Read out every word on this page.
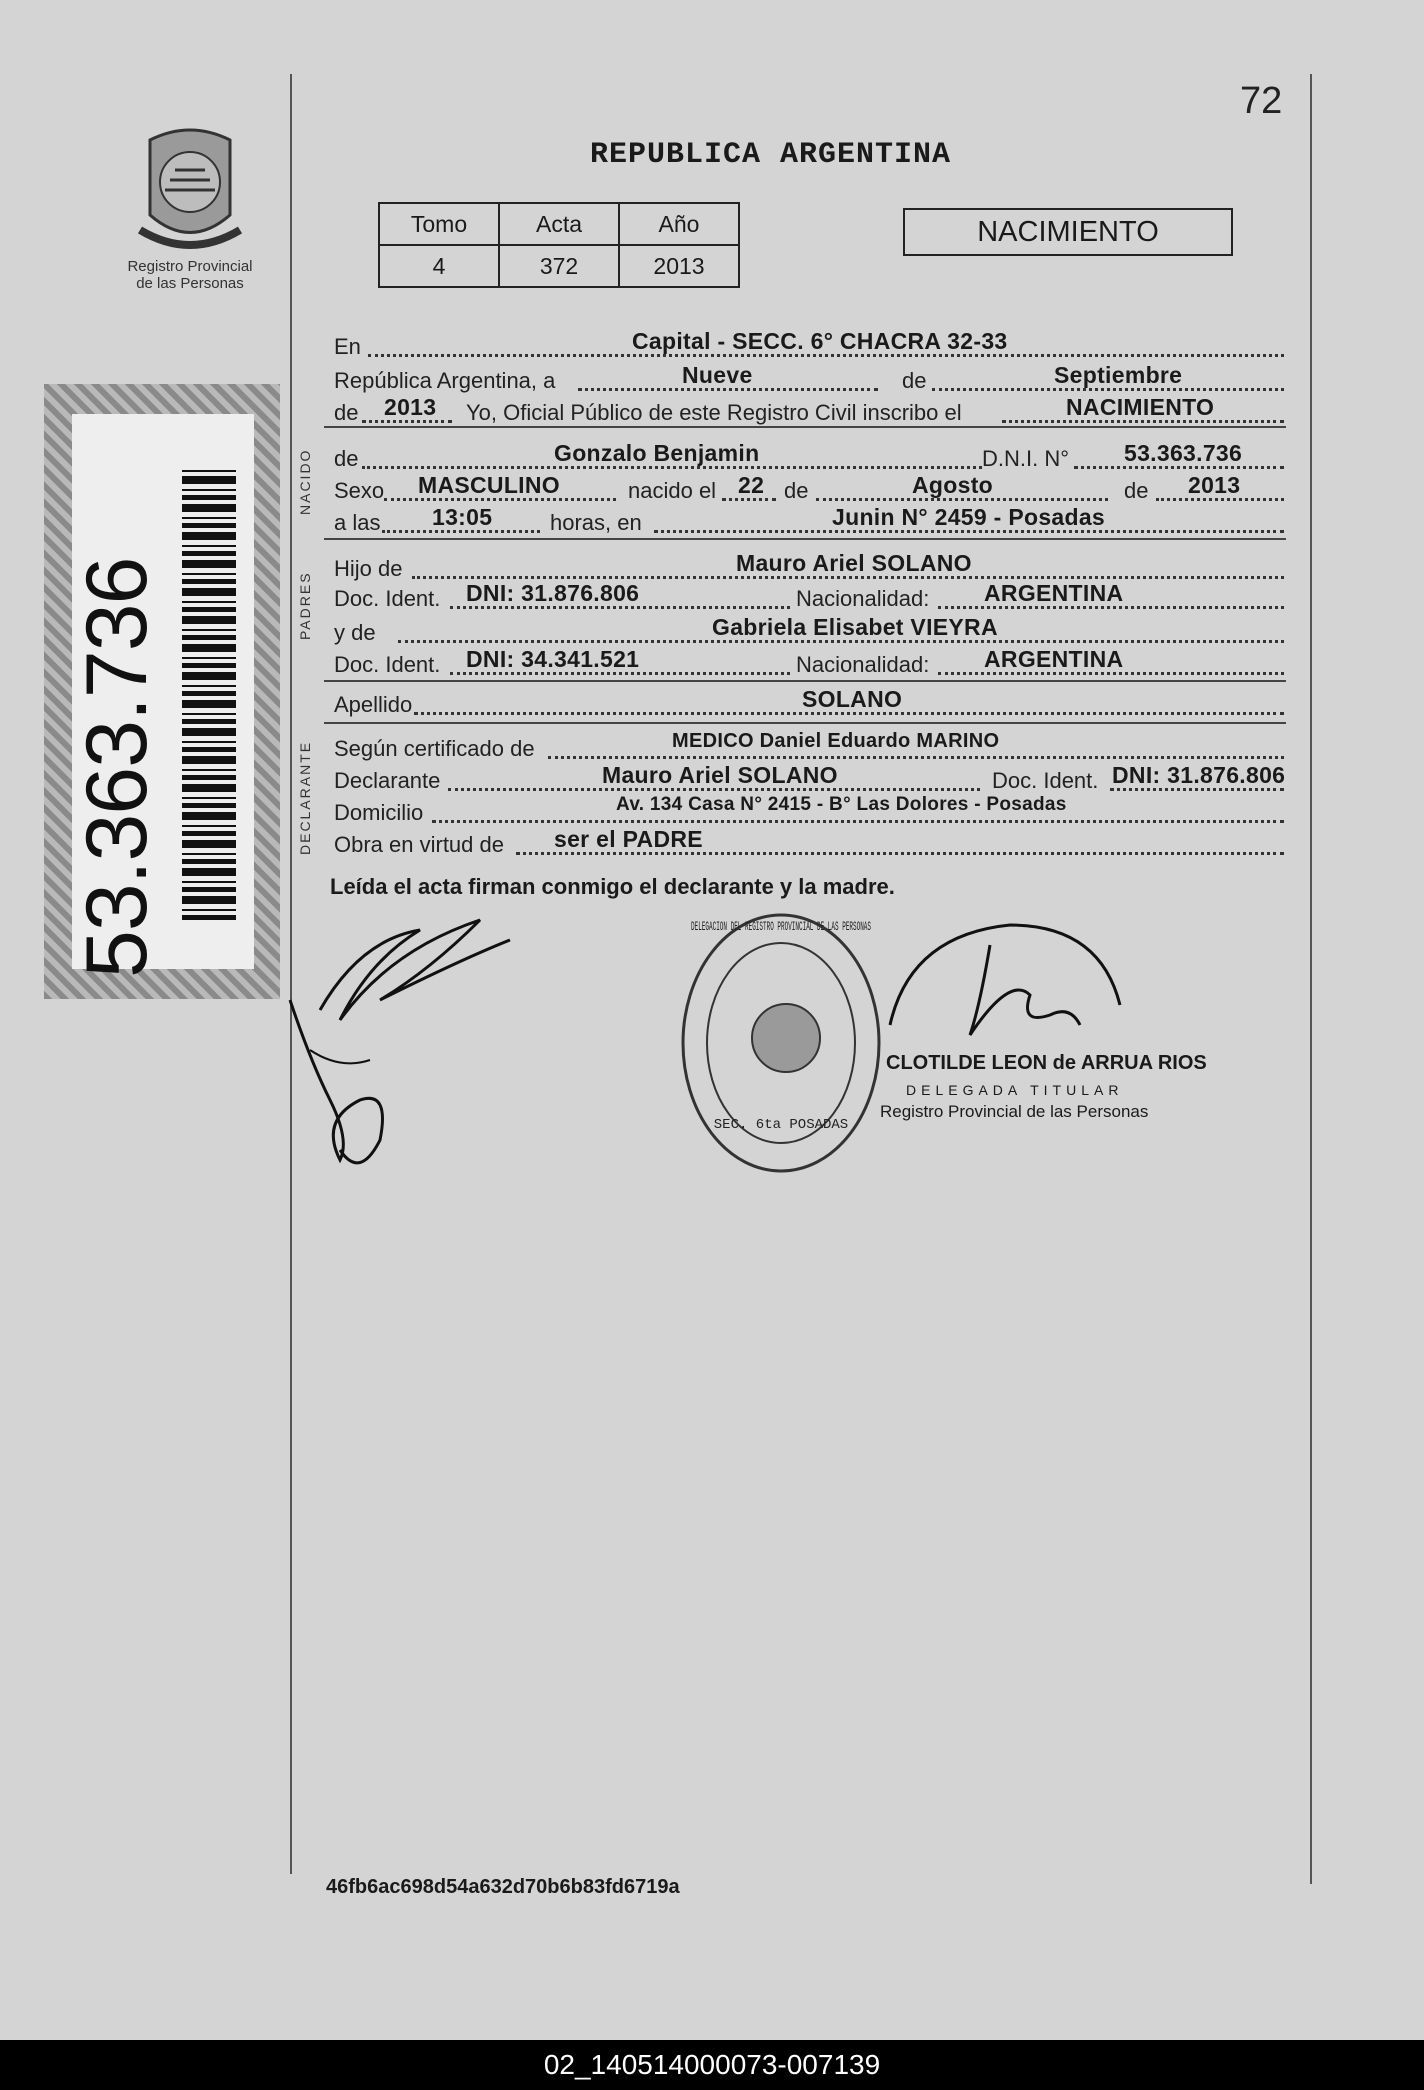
72
REPUBLICA ARGENTINA
Registro Provincial
de las Personas
Tomo	Acta	Año
4	372	2013
NACIMIENTO
53.363.736
NACIDO
PADRES
DECLARANTE
En	Capital - SECC. 6° CHACRA 32-33
República Argentina, a	Nueve	de	Septiembre
de 2013 Yo, Oficial Público de este Registro Civil inscribo el	NACIMIENTO
de	Gonzalo Benjamin	D.N.I. N° 53.363.736
Sexo MASCULINO	nacido el 22 de	Agosto	de 2013
a las 13:05	horas, en	Junin N° 2459 - Posadas
Hijo de	Mauro Ariel SOLANO
Doc. Ident. DNI: 31.876.806	Nacionalidad: ARGENTINA
y de	Gabriela Elisabet VIEYRA
Doc. Ident. DNI: 34.341.521	Nacionalidad: ARGENTINA
Apellido	SOLANO
Según certificado de	MEDICO Daniel Eduardo MARINO
Declarante	Mauro Ariel SOLANO	Doc. Ident. DNI: 31.876.806
Domicilio	Av. 134 Casa N° 2415 - B° Las Dolores - Posadas
Obra en virtud de ser el PADRE
Leída el acta firman conmigo el declarante y la madre.
DELEGACION DEL REGISTRO PROVINCIAL DE LAS PERSONAS
SEC. 6ta POSADAS
CLOTILDE LEON de ARRUA RIOS
DELEGADA TITULAR
Registro Provincial de las Personas
46fb6ac698d54a632d70b6b83fd6719a
02_140514000073-007139
